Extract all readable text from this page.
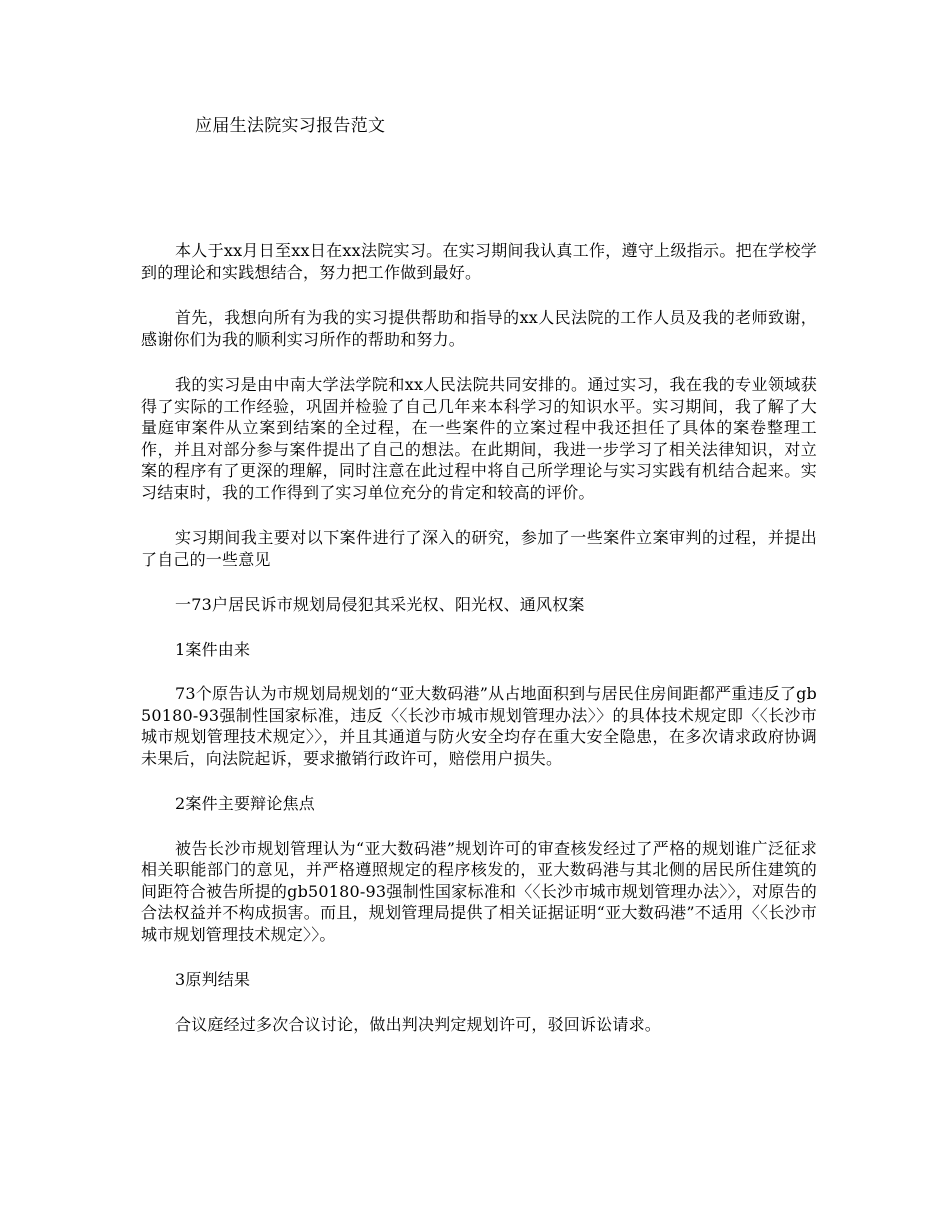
应届生法院实习报告范文

本人于xx月日至xx日在xx法院实习。在实习期间我认真工作，遵守上级指示。把在学校学到的理论和实践想结合，努力把工作做到最好。

首先，我想向所有为我的实习提供帮助和指导的xx人民法院的工作人员及我的老师致谢，感谢你们为我的顺利实习所作的帮助和努力。

我的实习是由中南大学法学院和xx人民法院共同安排的。通过实习，我在我的专业领域获得了实际的工作经验，巩固并检验了自己几年来本科学习的知识水平。实习期间，我了解了大量庭审案件从立案到结案的全过程，在一些案件的立案过程中我还担任了具体的案卷整理工作，并且对部分参与案件提出了自己的想法。在此期间，我进一步学习了相关法律知识，对立案的程序有了更深的理解，同时注意在此过程中将自己所学理论与实习实践有机结合起来。实习结束时，我的工作得到了实习单位充分的肯定和较高的评价。

实习期间我主要对以下案件进行了深入的研究，参加了一些案件立案审判的过程，并提出了自己的一些意见

一73户居民诉市规划局侵犯其采光权、阳光权、通风权案

1案件由来

73个原告认为市规划局规划的“亚大数码港”从占地面积到与居民住房间距都严重违反了gb50180-93强制性国家标准，违反〈〈长沙市城市规划管理办法〉〉的具体技术规定即〈〈长沙市城市规划管理技术规定〉〉，并且其通道与防火安全均存在重大安全隐患，在多次请求政府协调未果后，向法院起诉，要求撤销行政许可，赔偿用户损失。

2案件主要辩论焦点

被告长沙市规划管理认为“亚大数码港”规划许可的审查核发经过了严格的规划谁广泛征求相关职能部门的意见，并严格遵照规定的程序核发的，亚大数码港与其北侧的居民所住建筑的间距符合被告所提的gb50180-93强制性国家标准和〈〈长沙市城市规划管理办法〉〉，对原告的合法权益并不构成损害。而且，规划管理局提供了相关证据证明“亚大数码港”不适用〈〈长沙市城市规划管理技术规定〉〉。

3原判结果

合议庭经过多次合议讨论，做出判决判定规划许可，驳回诉讼请求。
